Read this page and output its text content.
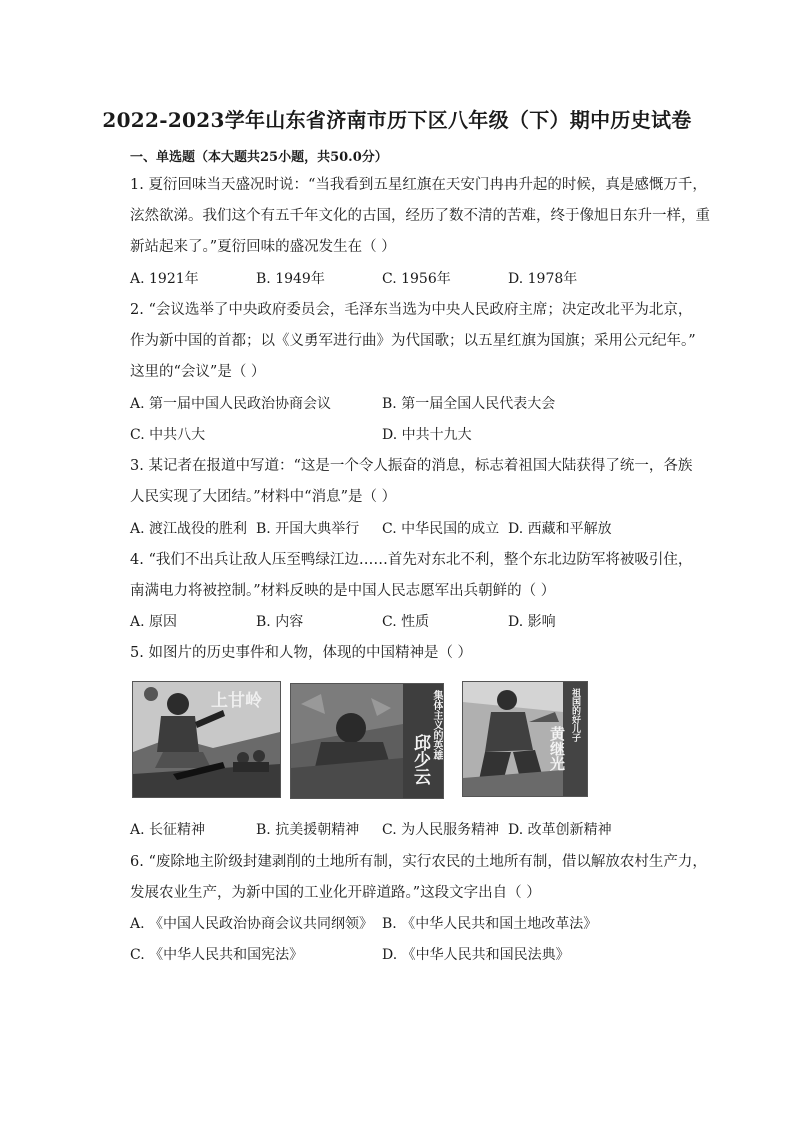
2022-2023学年山东省济南市历下区八年级（下）期中历史试卷
一、单选题（本大题共25小题，共50.0分）
1. 夏衍回味当天盛况时说：“当我看到五星红旗在天安门冉冉升起的时候，真是感慨万千，
泫然欲涕。我们这个有五千年文化的古国，经历了数不清的苦难，终于像旭日东升一样，重
新站起来了。”夏衍回味的盛况发生在（ ）
A. 1921年	B. 1949年	C. 1956年	D. 1978年
2. “会议选举了中央政府委员会，毛泽东当选为中央人民政府主席；决定改北平为北京，
作为新中国的首都；以《义勇军进行曲》为代国歌；以五星红旗为国旗；采用公元纪年。”
这里的“会议”是（ ）
A. 第一届中国人民政治协商会议	B. 第一届全国人民代表大会
C. 中共八大	D. 中共十九大
3. 某记者在报道中写道：“这是一个令人振奋的消息，标志着祖国大陆获得了统一，各族
人民实现了大团结。”材料中“消息”是（ ）
A. 渡江战役的胜利 B. 开国大典举行 C. 中华民国的成立 D. 西藏和平解放
4. “我们不出兵让敌人压至鸭绿江边……首先对东北不利，整个东北边防军将被吸引住，
南满电力将被控制。”材料反映的是中国人民志愿军出兵朝鲜的（ ）
A. 原因	B. 内容	C. 性质	D. 影响
5. 如图片的历史事件和人物，体现的中国精神是（ ）
上甘岭	集体主义的英雄
邱少云
祖国的好儿子
黄继光
A. 长征精神	B. 抗美援朝精神 C. 为人民服务精神 D. 改革创新精神
6. “废除地主阶级封建剥削的土地所有制，实行农民的土地所有制，借以解放农村生产力，
发展农业生产，为新中国的工业化开辟道路。”这段文字出自（ ）
A. 《中国人民政治协商会议共同纲领》 B. 《中华人民共和国土地改革法》
C. 《中华人民共和国宪法》	D. 《中华人民共和国民法典》
